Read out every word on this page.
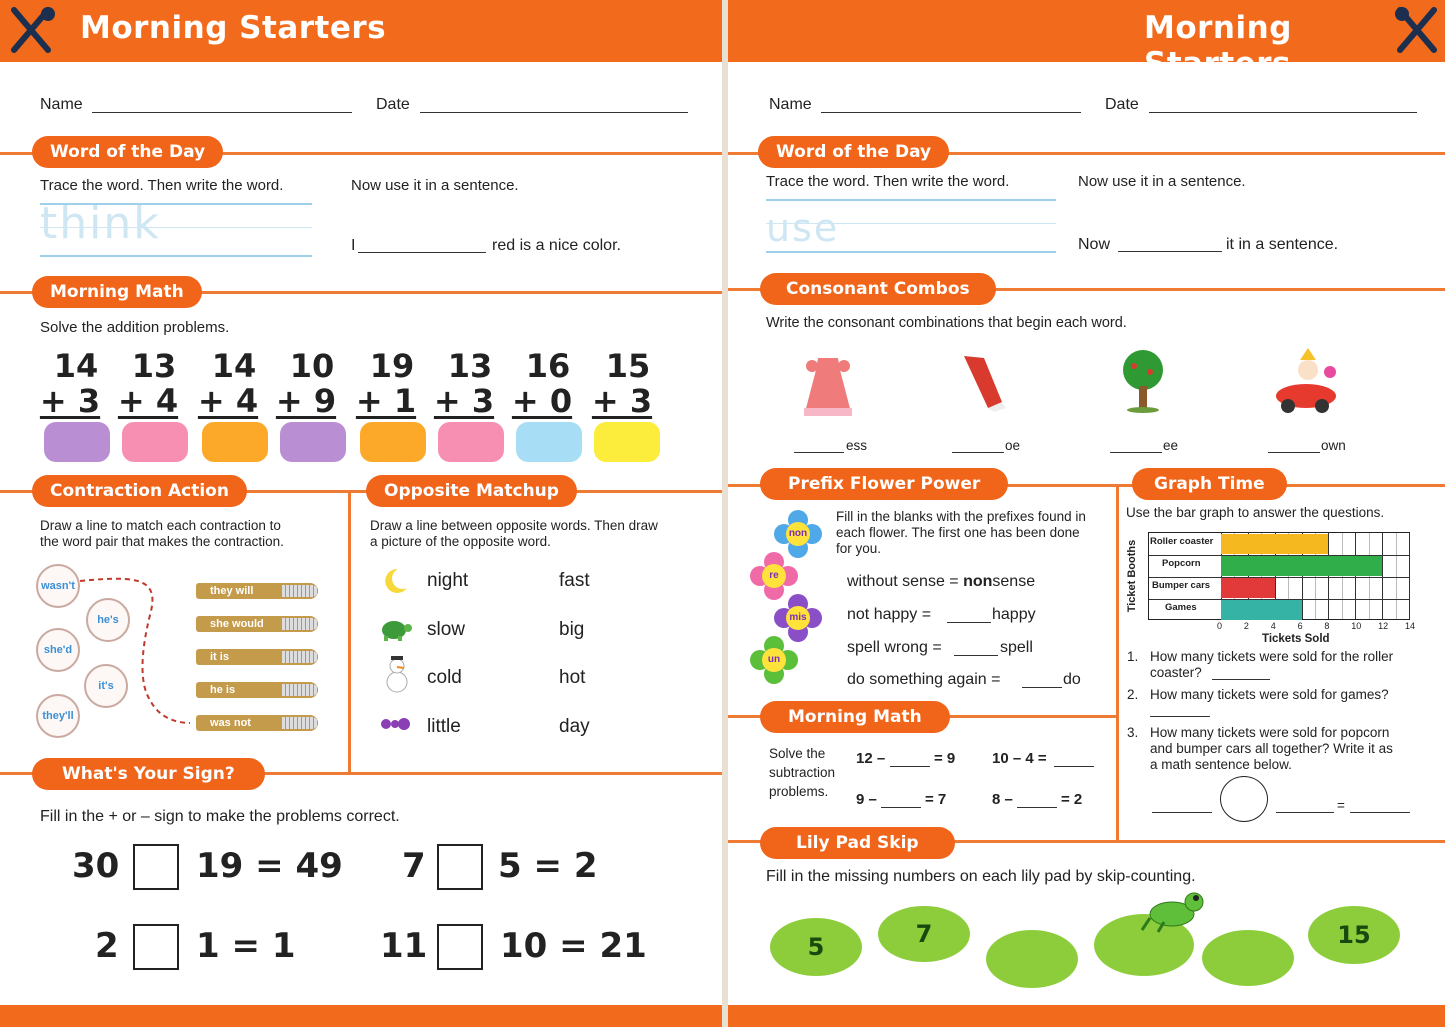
Morning Starters	Morning Starters
Name	Date
Word of the Day
Trace the word. Then write the word.	Now use it in a sentence.
think	I	red is a nice color.
Morning Math
Solve the addition problems.
14
+ 3
13
+ 4
14
+ 4
10
+ 9
19
+ 1
13
+ 3
16
+ 0
15
+ 3
Contraction Action	Opposite Matchup
Draw a line to match each contraction to
the word pair that makes the contraction.
Draw a line between opposite words. Then draw
a picture of the opposite word.
wasn't
he's
she'd
it's
they'll
they will
she would
it is
he is
was not
night
slow
cold
little
fast
big
hot
day
What's Your Sign?
Fill in the + or – sign to make the problems correct.
30 19 = 49 7 5 = 2
2 1 = 1 11 10 = 21
Name	Date
Word of the Day
Trace the word. Then write the word.	Now use it in a sentence.
use	Now	it in a sentence.
Consonant Combos
Write the consonant combinations that begin each word.
ess	oe	ee	own
Prefix Flower Power	Graph Time
Fill in the blanks with the prefixes found in
each flower. The first one has been done
for you.
non
re
mis
un
without sense = nonsense
not happy =	happy
spell wrong =	spell
do something again =	do
Use the bar graph to answer the questions.
Ticket Booths Roller coaster
Popcorn
Bumper cars
Games
0 2 4 6 8 10 12 14
Tickets Sold
1. How many tickets were sold for the roller
coaster?
2. How many tickets were sold for games?
3. How many tickets were sold for popcorn
and bumper cars all together? Write it as
a math sentence below.
=
Morning Math
Solve the
subtraction
problems.
12 –	= 9 10 – 4 =
9 –	= 7	8 –	= 2
Lily Pad Skip
Fill in the missing numbers on each lily pad by skip-counting.
5	7	15
